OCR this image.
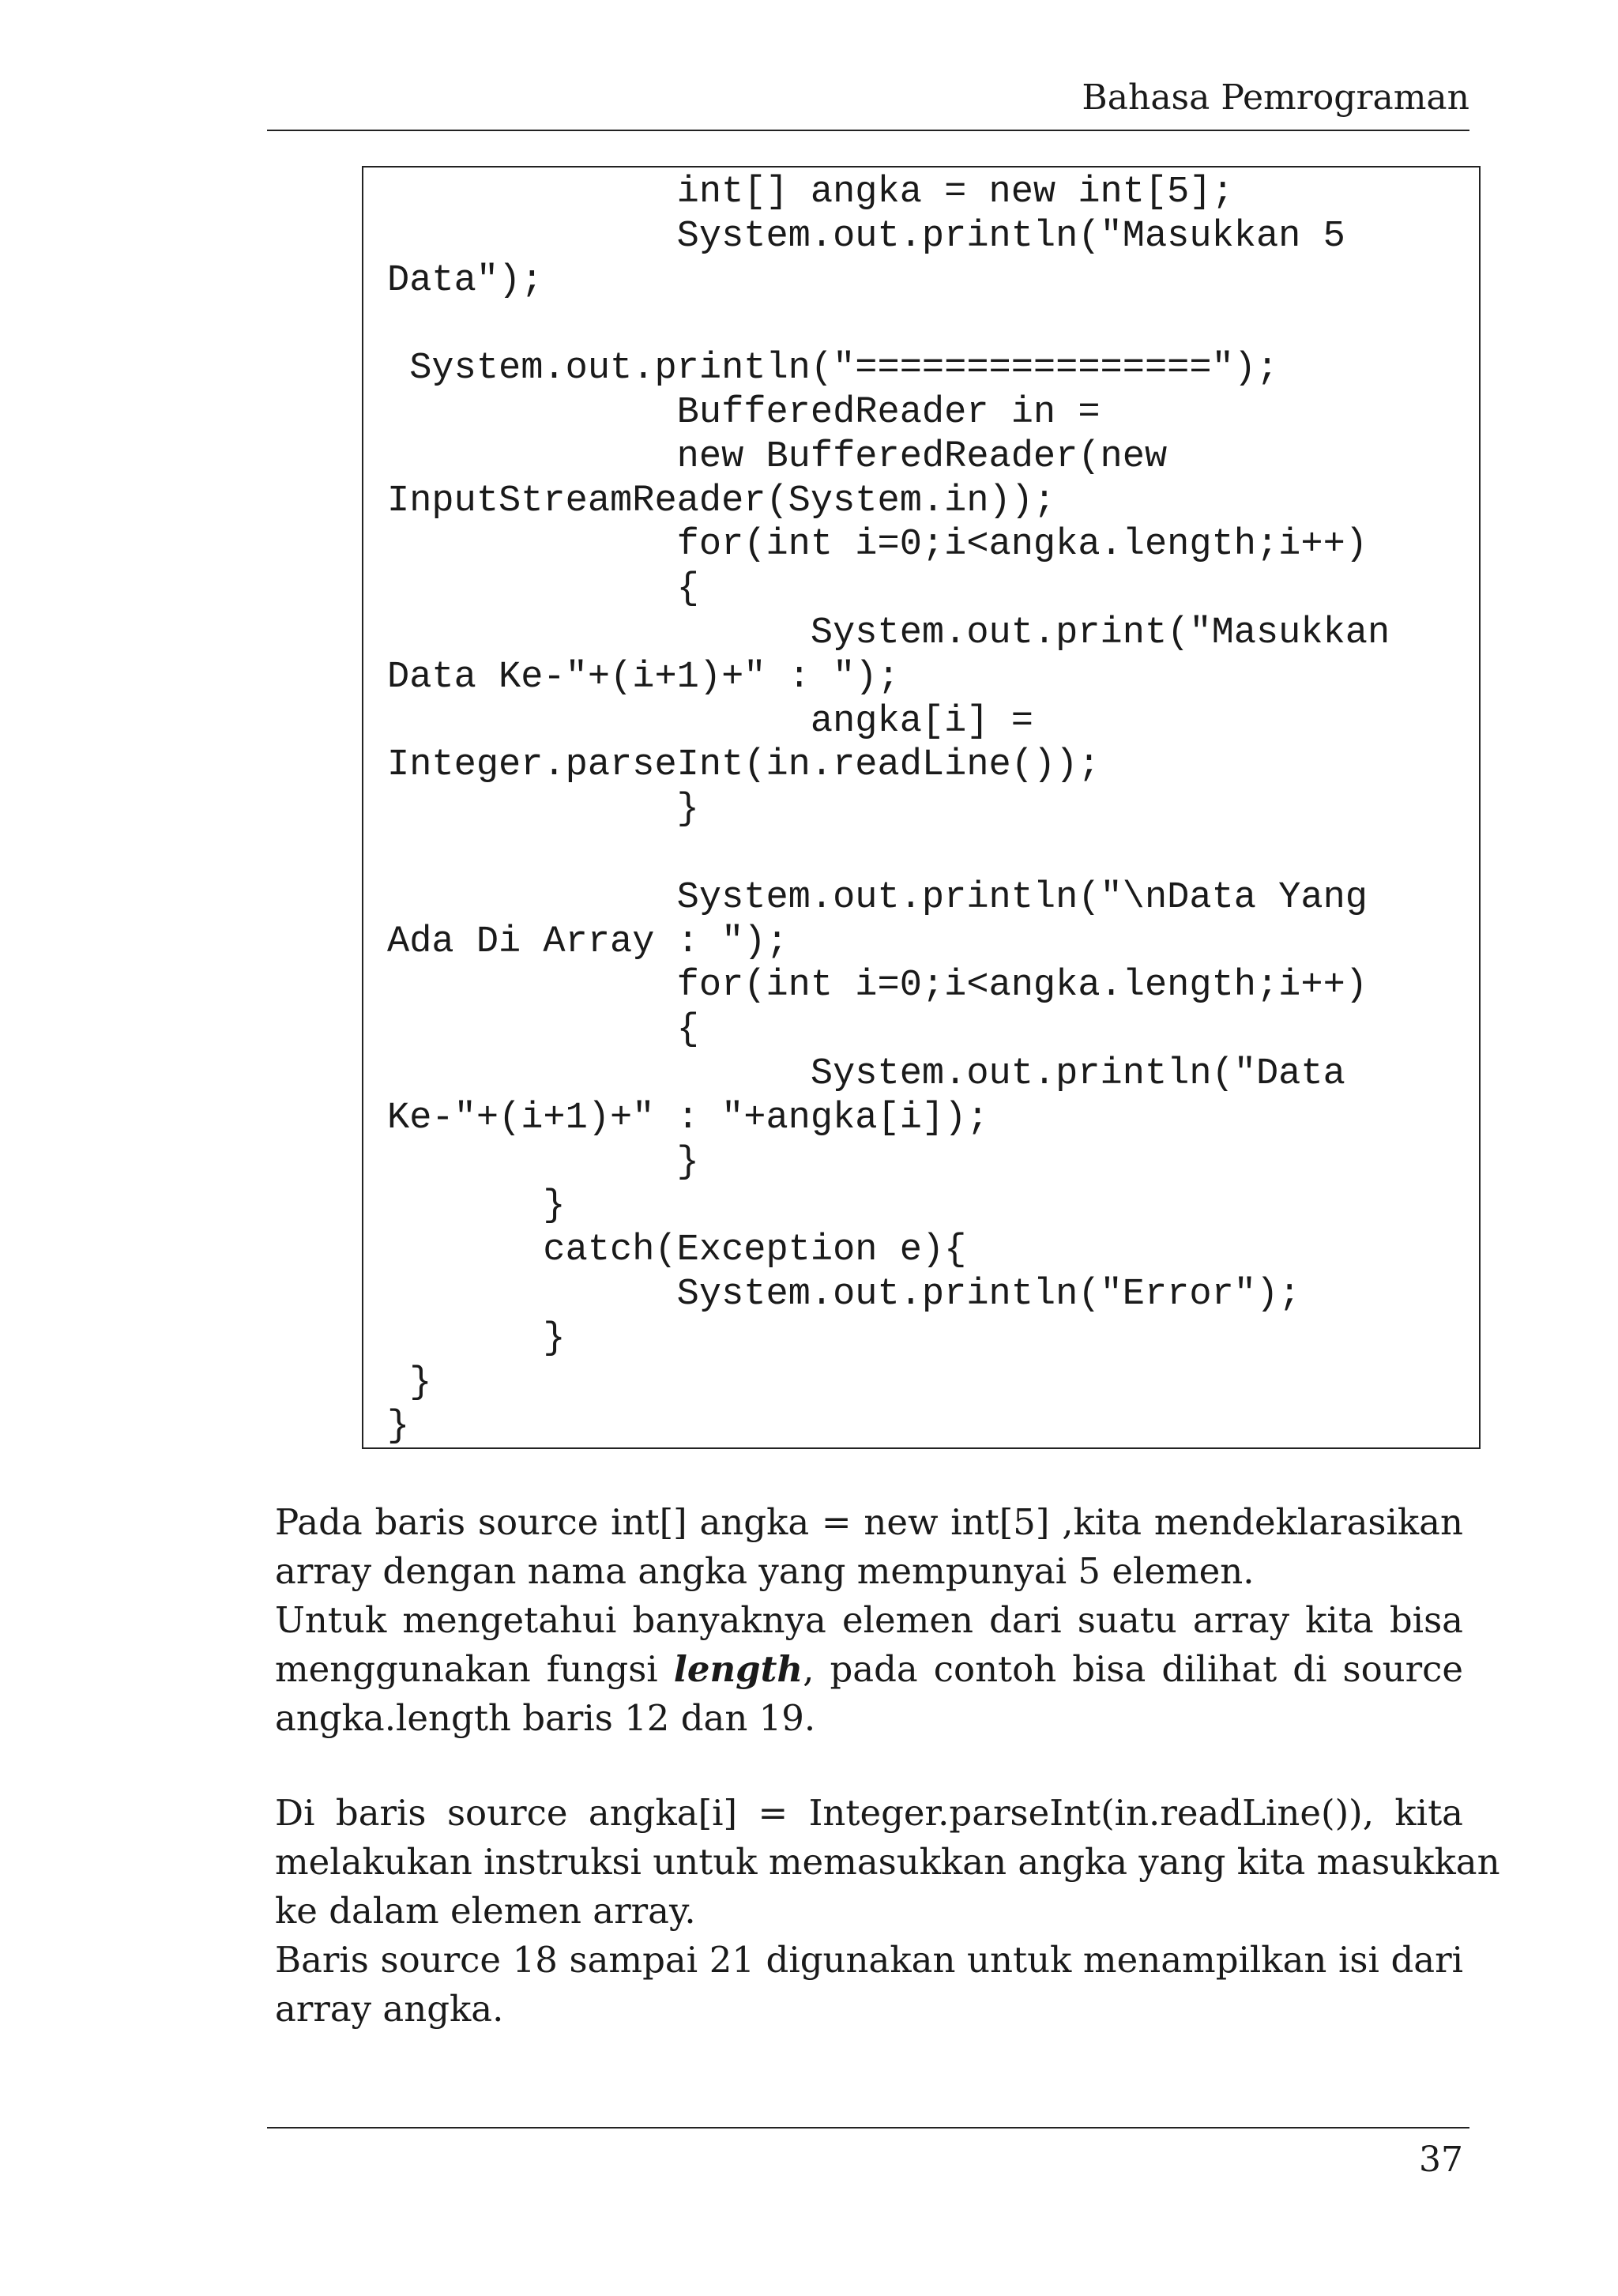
Bahasa Pemrograman
int[] angka = new int[5];
System.out.println("Masukkan 5
Data");
System.out.println("================");
BufferedReader in =
new BufferedReader(new
InputStreamReader(System.in));
for(int i=0;i<angka.length;i++)
{
System.out.print("Masukkan
Data Ke-"+(i+1)+" : ");
angka[i] =
Integer.parseInt(in.readLine());
}
System.out.println("\nData Yang
Ada Di Array : ");
for(int i=0;i<angka.length;i++)
{
System.out.println("Data
Ke-"+(i+1)+" : "+angka[i]);
}
}
catch(Exception e){
System.out.println("Error");
}
}
}
Pada baris source int[] angka = new int[5] ,kita mendeklarasikan
array dengan nama angka yang mempunyai 5 elemen.
Untuk mengetahui banyaknya elemen dari suatu array kita bisa
menggunakan fungsi length, pada contoh bisa dilihat di source
angka.length baris 12 dan 19.
Di baris source angka[i] = Integer.parseInt(in.readLine()), kita
melakukan instruksi untuk memasukkan angka yang kita masukkan
ke dalam elemen array.
Baris source 18 sampai 21 digunakan untuk menampilkan isi dari
array angka.
37
